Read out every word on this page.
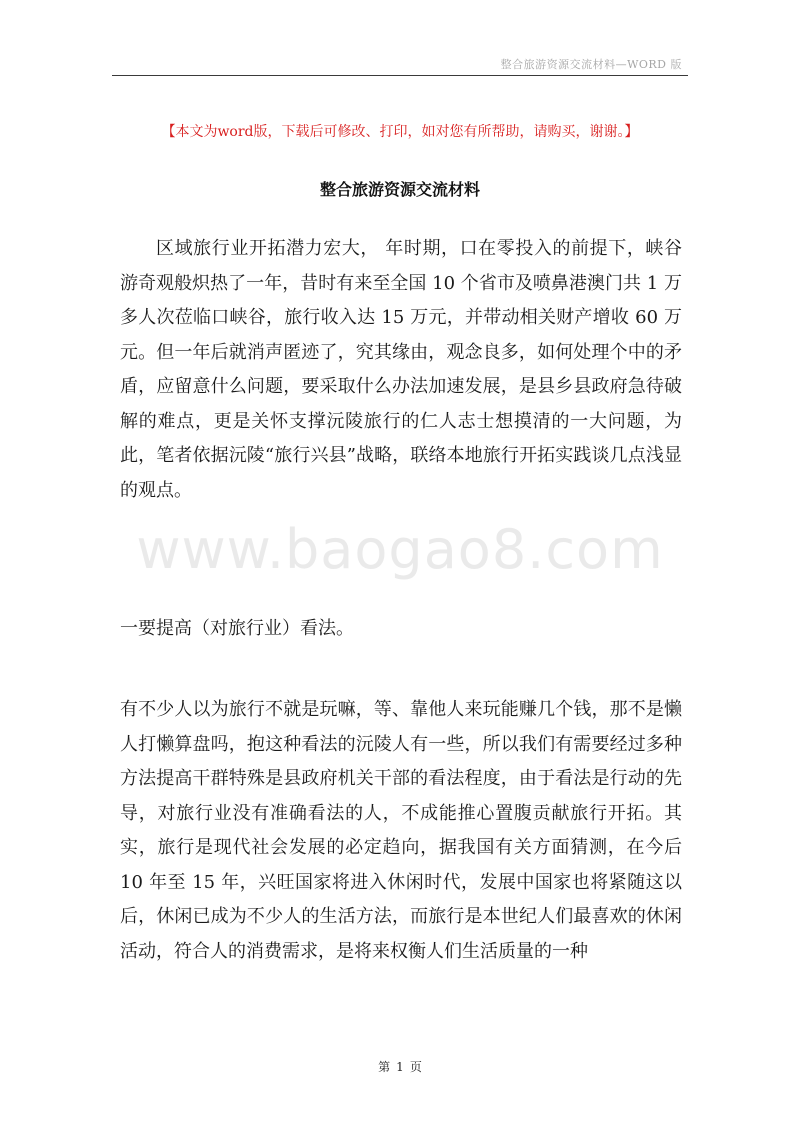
整合旅游资源交流材料—WORD 版
【本文为word版，下载后可修改、打印，如对您有所帮助，请购买，谢谢。】
整合旅游资源交流材料

区域旅行业开拓潜力宏大， 年时期，口在零投入的前提下，峡谷游奇观般炽热了一年，昔时有来至全国 10 个省市及喷鼻港澳门共 1 万多人次莅临口峡谷，旅行收入达 15 万元，并带动相关财产增收 60 万元。但一年后就消声匿迹了，究其缘由，观念良多，如何处理个中的矛盾，应留意什么问题，要采取什么办法加速发展，是县乡县政府急待破解的难点，更是关怀支撑沅陵旅行的仁人志士想摸清的一大问题，为此，笔者依据沅陵“旅行兴县”战略，联络本地旅行开拓实践谈几点浅显的观点。

一要提高（对旅行业）看法。

有不少人以为旅行不就是玩嘛，等、靠他人来玩能赚几个钱，那不是懒人打懒算盘吗，抱这种看法的沅陵人有一些，所以我们有需要经过多种方法提高干群特殊是县政府机关干部的看法程度，由于看法是行动的先导，对旅行业没有准确看法的人，不成能推心置腹贡献旅行开拓。其实，旅行是现代社会发展的必定趋向，据我国有关方面猜测，在今后 10 年至 15 年，兴旺国家将进入休闲时代，发展中国家也将紧随这以后，休闲已成为不少人的生活方法，而旅行是本世纪人们最喜欢的休闲活动，符合人的消费需求，是将来权衡人们生活质量的一种

www.baogao8.com
第 1 页
